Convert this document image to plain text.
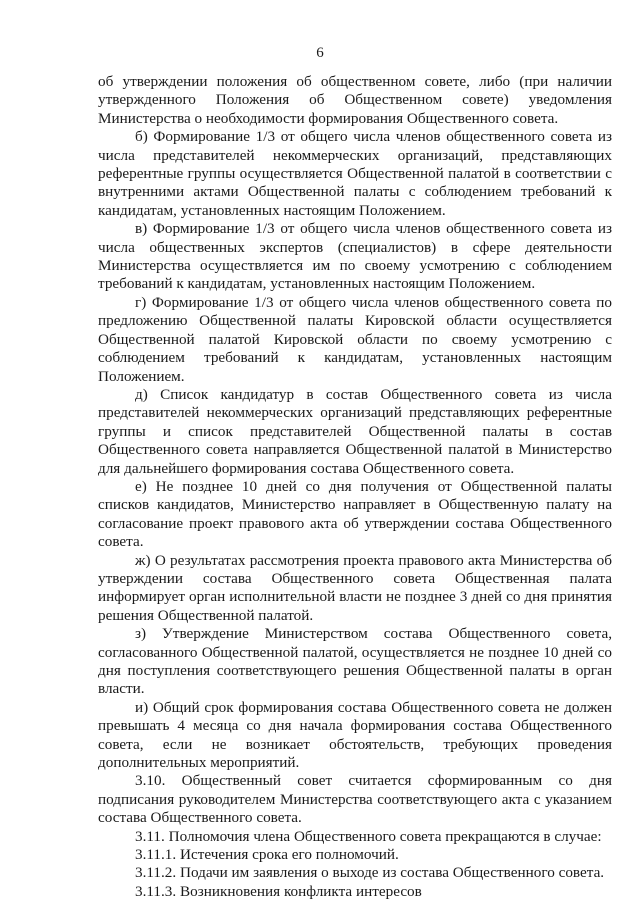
6

об утверждении положения об общественном совете, либо (при наличии утвержденного Положения об Общественном совете) уведомления Министерства о необходимости формирования Общественного совета.

б) Формирование 1/3 от общего числа членов общественного совета из числа представителей некоммерческих организаций, представляющих референтные группы осуществляется Общественной палатой в соответствии с внутренними актами Общественной палаты с соблюдением требований к кандидатам, установленных настоящим Положением.

в) Формирование 1/3 от общего числа членов общественного совета из числа общественных экспертов (специалистов) в сфере деятельности Министерства осуществляется им по своему усмотрению с соблюдением требований к кандидатам, установленных настоящим Положением.

г) Формирование 1/3 от общего числа членов общественного совета по предложению Общественной палаты Кировской области осуществляется Общественной палатой Кировской области по своему усмотрению с соблюдением требований к кандидатам, установленных настоящим Положением.

д) Список кандидатур в состав Общественного совета из числа представителей некоммерческих организаций представляющих референтные группы и список представителей Общественной палаты в состав Общественного совета направляется Общественной палатой в Министерство для дальнейшего формирования состава Общественного совета.

е) Не позднее 10 дней со дня получения от Общественной палаты списков кандидатов, Министерство направляет в Общественную палату на согласование проект правового акта об утверждении состава Общественного совета.

ж) О результатах рассмотрения проекта правового акта Министерства об утверждении состава Общественного совета Общественная палата информирует орган исполнительной власти не позднее 3 дней со дня принятия решения Общественной палатой.

з) Утверждение Министерством состава Общественного совета, согласованного Общественной палатой, осуществляется не позднее 10 дней со дня поступления соответствующего решения Общественной палаты в орган власти.

и) Общий срок формирования состава Общественного совета не должен превышать 4 месяца со дня начала формирования состава Общественного совета, если не возникает обстоятельств, требующих проведения дополнительных мероприятий.

3.10. Общественный совет считается сформированным со дня подписания руководителем Министерства соответствующего акта с указанием состава Общественного совета.

3.11. Полномочия члена Общественного совета прекращаются в случае:

3.11.1. Истечения срока его полномочий.

3.11.2. Подачи им заявления о выходе из состава Общественного совета.

3.11.3. Возникновения конфликта интересов
